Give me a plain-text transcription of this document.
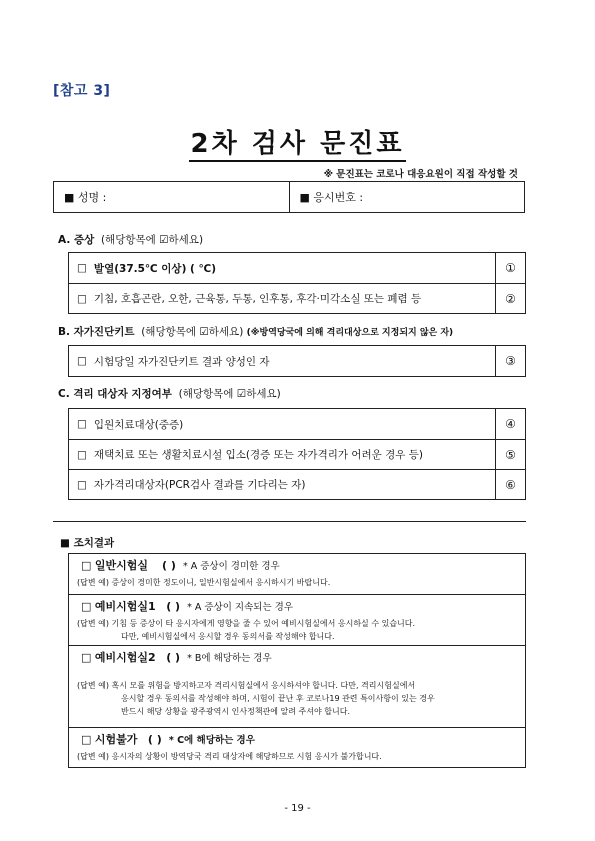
[참고 3]
2차 검사 문진표
※ 문진표는 코로나 대응요원이 직접 작성할 것
■ 성명 :	■ 응시번호 :
A. 증상 (해당항목에 ☑하세요)
□ 발열(37.5℃ 이상) ( ℃)	①
□ 기침, 호흡곤란, 오한, 근육통, 두통, 인후통, 후각·미각소실 또는 폐렴 등	②
B. 자가진단키트 (해당항목에 ☑하세요) (※방역당국에 의해 격리대상으로 지정되지 않은 자)
□ 시험당일 자가진단키트 결과 양성인 자	③
C. 격리 대상자 지정여부 (해당항목에 ☑하세요)
□ 입원치료대상(중증)	④
□ 재택치료 또는 생활치료시설 입소(경증 또는 자가격리가 어려운 경우 등)	⑤
□ 자가격리대상자(PCR검사 결과를 기다리는 자)	⑥
■ 조치결과
□ 일반시험실 ( ) * A 증상이 경미한 경우
(답변 예) 증상이 경미한 정도이니, 일반시험실에서 응시하시기 바랍니다.
□ 예비시험실1 ( ) * A 증상이 지속되는 경우
(답변 예) 기침 등 증상이 타 응시자에게 영향을 줄 수 있어 예비시험실에서 응시하실 수 있습니다.
다만, 예비시험실에서 응시할 경우 동의서를 작성해야 합니다.
□ 예비시험실2 ( ) * B에 해당하는 경우
(답변 예) 혹시 모를 위험을 방지하고자 격리시험실에서 응시하셔야 합니다. 다만, 격리시험실에서
응시할 경우 동의서를 작성해야 하며, 시험이 끝난 후 코로나19 관련 특이사항이 있는 경우
반드시 해당 상황을 광주광역시 인사정책관에 알려 주셔야 합니다.
□ 시험불가 ( ) * C에 해당하는 경우
(답변 예) 응시자의 상황이 방역당국 격리 대상자에 해당하므로 시험 응시가 불가합니다.
- 19 -
